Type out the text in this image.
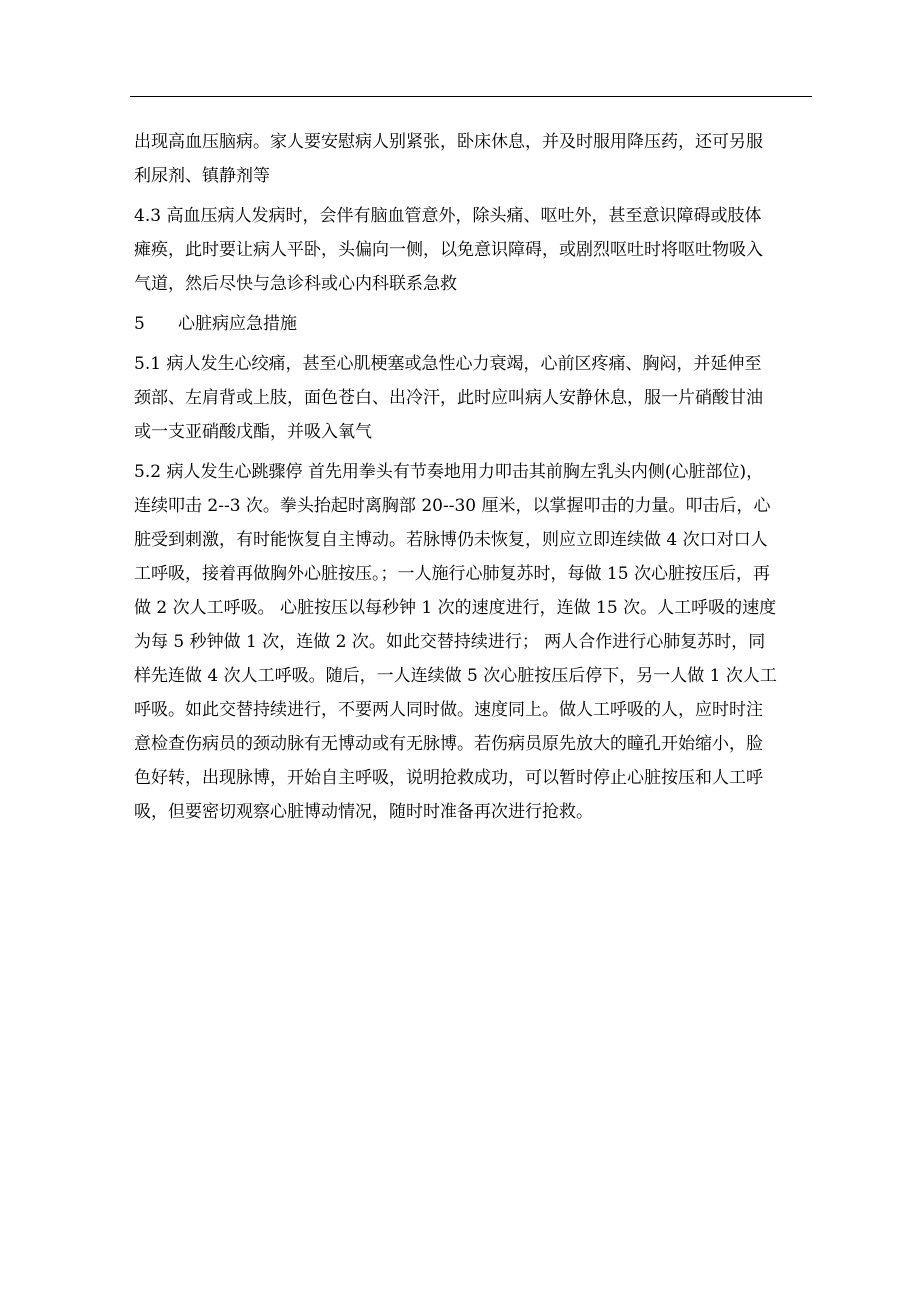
出现高血压脑病。家人要安慰病人别紧张，卧床休息，并及时服用降压药，还可另服
利尿剂、镇静剂等
4.3 高血压病人发病时，会伴有脑血管意外，除头痛、呕吐外，甚至意识障碍或肢体
瘫痪，此时要让病人平卧，头偏向一侧，以免意识障碍，或剧烈呕吐时将呕吐物吸入
气道，然后尽快与急诊科或心内科联系急救
5 心脏病应急措施
5.1 病人发生心绞痛，甚至心肌梗塞或急性心力衰竭，心前区疼痛、胸闷，并延伸至
颈部、左肩背或上肢，面色苍白、出冷汗，此时应叫病人安静休息，服一片硝酸甘油
或一支亚硝酸戊酯，并吸入氧气
5.2 病人发生心跳骤停 首先用拳头有节奏地用力叩击其前胸左乳头内侧(心脏部位)，
连续叩击 2--3 次。拳头抬起时离胸部 20--30 厘米，以掌握叩击的力量。叩击后，心
脏受到刺激，有时能恢复自主博动。若脉博仍未恢复，则应立即连续做 4 次口对口人
工呼吸，接着再做胸外心脏按压。；一人施行心肺复苏时，每做 15 次心脏按压后，再
做 2 次人工呼吸。 心脏按压以每秒钟 1 次的速度进行，连做 15 次。人工呼吸的速度
为每 5 秒钟做 1 次，连做 2 次。如此交替持续进行； 两人合作进行心肺复苏时，同
样先连做 4 次人工呼吸。随后，一人连续做 5 次心脏按压后停下，另一人做 1 次人工
呼吸。如此交替持续进行，不要两人同时做。速度同上。做人工呼吸的人，应时时注
意检查伤病员的颈动脉有无博动或有无脉博。若伤病员原先放大的瞳孔开始缩小，脸
色好转，出现脉博，开始自主呼吸，说明抢救成功，可以暂时停止心脏按压和人工呼
吸，但要密切观察心脏博动情况，随时时准备再次进行抢救。
